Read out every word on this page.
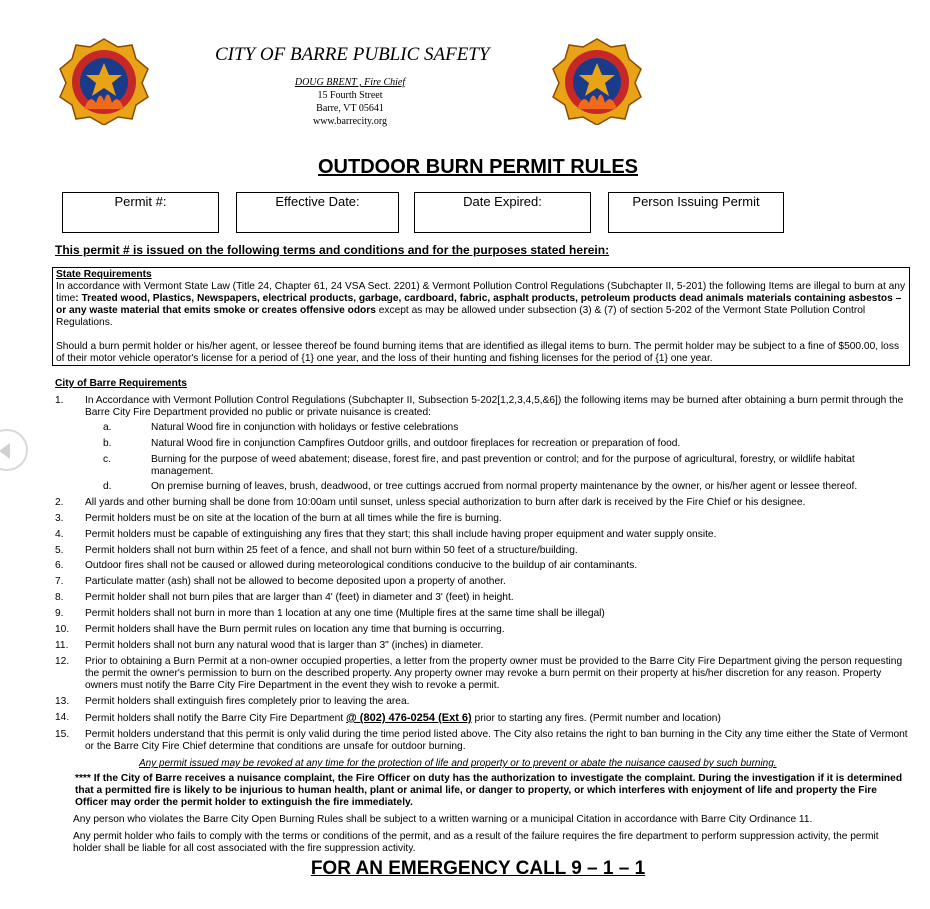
CITY OF BARRE PUBLIC SAFETY
DOUG BRENT , Fire Chief
15 Fourth Street
Barre, VT 05641
www.barrecity.org
OUTDOOR BURN PERMIT RULES
Permit #:	Effective Date:	Date Expired:	Person Issuing Permit
This permit # is issued on the following terms and conditions and for the purposes stated herein:
State Requirements

In accordance with Vermont State Law (Title 24, Chapter 61, 24 VSA Sect. 2201) & Vermont Pollution Control Regulations (Subchapter II, 5-201) the following Items are illegal to burn at any time: Treated wood, Plastics, Newspapers, electrical products, garbage, cardboard, fabric, asphalt products, petroleum products dead animals materials containing asbestos – or any waste material that emits smoke or creates offensive odors except as may be allowed under subsection (3) & (7) of section 5-202 of the Vermont State Pollution Control Regulations.

Should a burn permit holder or his/her agent, or lessee thereof be found burning items that are identified as illegal items to burn. The permit holder may be subject to a fine of $500.00, loss of their motor vehicle operator's license for a period of {1} one year, and the loss of their hunting and fishing licenses for the period of {1} one year.

City of Barre Requirements
1.	In Accordance with Vermont Pollution Control Regulations (Subchapter II, Subsection 5-202[1,2,3,4,5,&6]) the following items may be burned after obtaining a burn permit through the Barre City Fire Department provided no public or private nuisance is created:
a.	Natural Wood fire in conjunction with holidays or festive celebrations
b.	Natural Wood fire in conjunction Campfires Outdoor grills, and outdoor fireplaces for recreation or preparation of food.
c.	Burning for the purpose of weed abatement; disease, forest fire, and past prevention or control; and for the purpose of agricultural, forestry, or wildlife habitat management.
d.	On premise burning of leaves, brush, deadwood, or tree cuttings accrued from normal property maintenance by the owner, or his/her agent or lessee thereof.
2.	All yards and other burning shall be done from 10:00am until sunset, unless special authorization to burn after dark is received by the Fire Chief or his designee.
3.	Permit holders must be on site at the location of the burn at all times while the fire is burning.
4.	Permit holders must be capable of extinguishing any fires that they start; this shall include having proper equipment and water supply onsite.
5.	Permit holders shall not burn within 25 feet of a fence, and shall not burn within 50 feet of a structure/building.
6.	Outdoor fires shall not be caused or allowed during meteorological conditions conducive to the buildup of air contaminants.
7.	Particulate matter (ash) shall not be allowed to become deposited upon a property of another.
8.	Permit holder shall not burn piles that are larger than 4' (feet) in diameter and 3' (feet) in height.
9.	Permit holders shall not burn in more than 1 location at any one time (Multiple fires at the same time shall be illegal)
10.	Permit holders shall have the Burn permit rules on location any time that burning is occurring.
11.	Permit holders shall not burn any natural wood that is larger than 3" (inches) in diameter.
12.	Prior to obtaining a Burn Permit at a non-owner occupied properties, a letter from the property owner must be provided to the Barre City Fire Department giving the person requesting the permit the owner's permission to burn on the described property. Any property owner may revoke a burn permit on their property at his/her discretion for any reason. Property owners must notify the Barre City Fire Department in the event they wish to revoke a permit.
13.	Permit holders shall extinguish fires completely prior to leaving the area.
14.	Permit holders shall notify the Barre City Fire Department @ (802) 476-0254 (Ext 6) prior to starting any fires. (Permit number and location)
15.	Permit holders understand that this permit is only valid during the time period listed above. The City also retains the right to ban burning in the City any time either the State of Vermont or the Barre City Fire Chief determine that conditions are unsafe for outdoor burning.
Any permit issued may be revoked at any time for the protection of life and property or to prevent or abate the nuisance caused by such burning.
**** If the City of Barre receives a nuisance complaint, the Fire Officer on duty has the authorization to investigate the complaint. During the investigation if it is determined that a permitted fire is likely to be injurious to human health, plant or animal life, or danger to property, or which interferes with enjoyment of life and property the Fire Officer may order the permit holder to extinguish the fire immediately.
Any person who violates the Barre City Open Burning Rules shall be subject to a written warning or a municipal Citation in accordance with Barre City Ordinance 11.
Any permit holder who fails to comply with the terms or conditions of the permit, and as a result of the failure requires the fire department to perform suppression activity, the permit holder shall be liable for all cost associated with the fire suppression activity.
FOR AN EMERGENCY CALL 9 – 1 – 1
